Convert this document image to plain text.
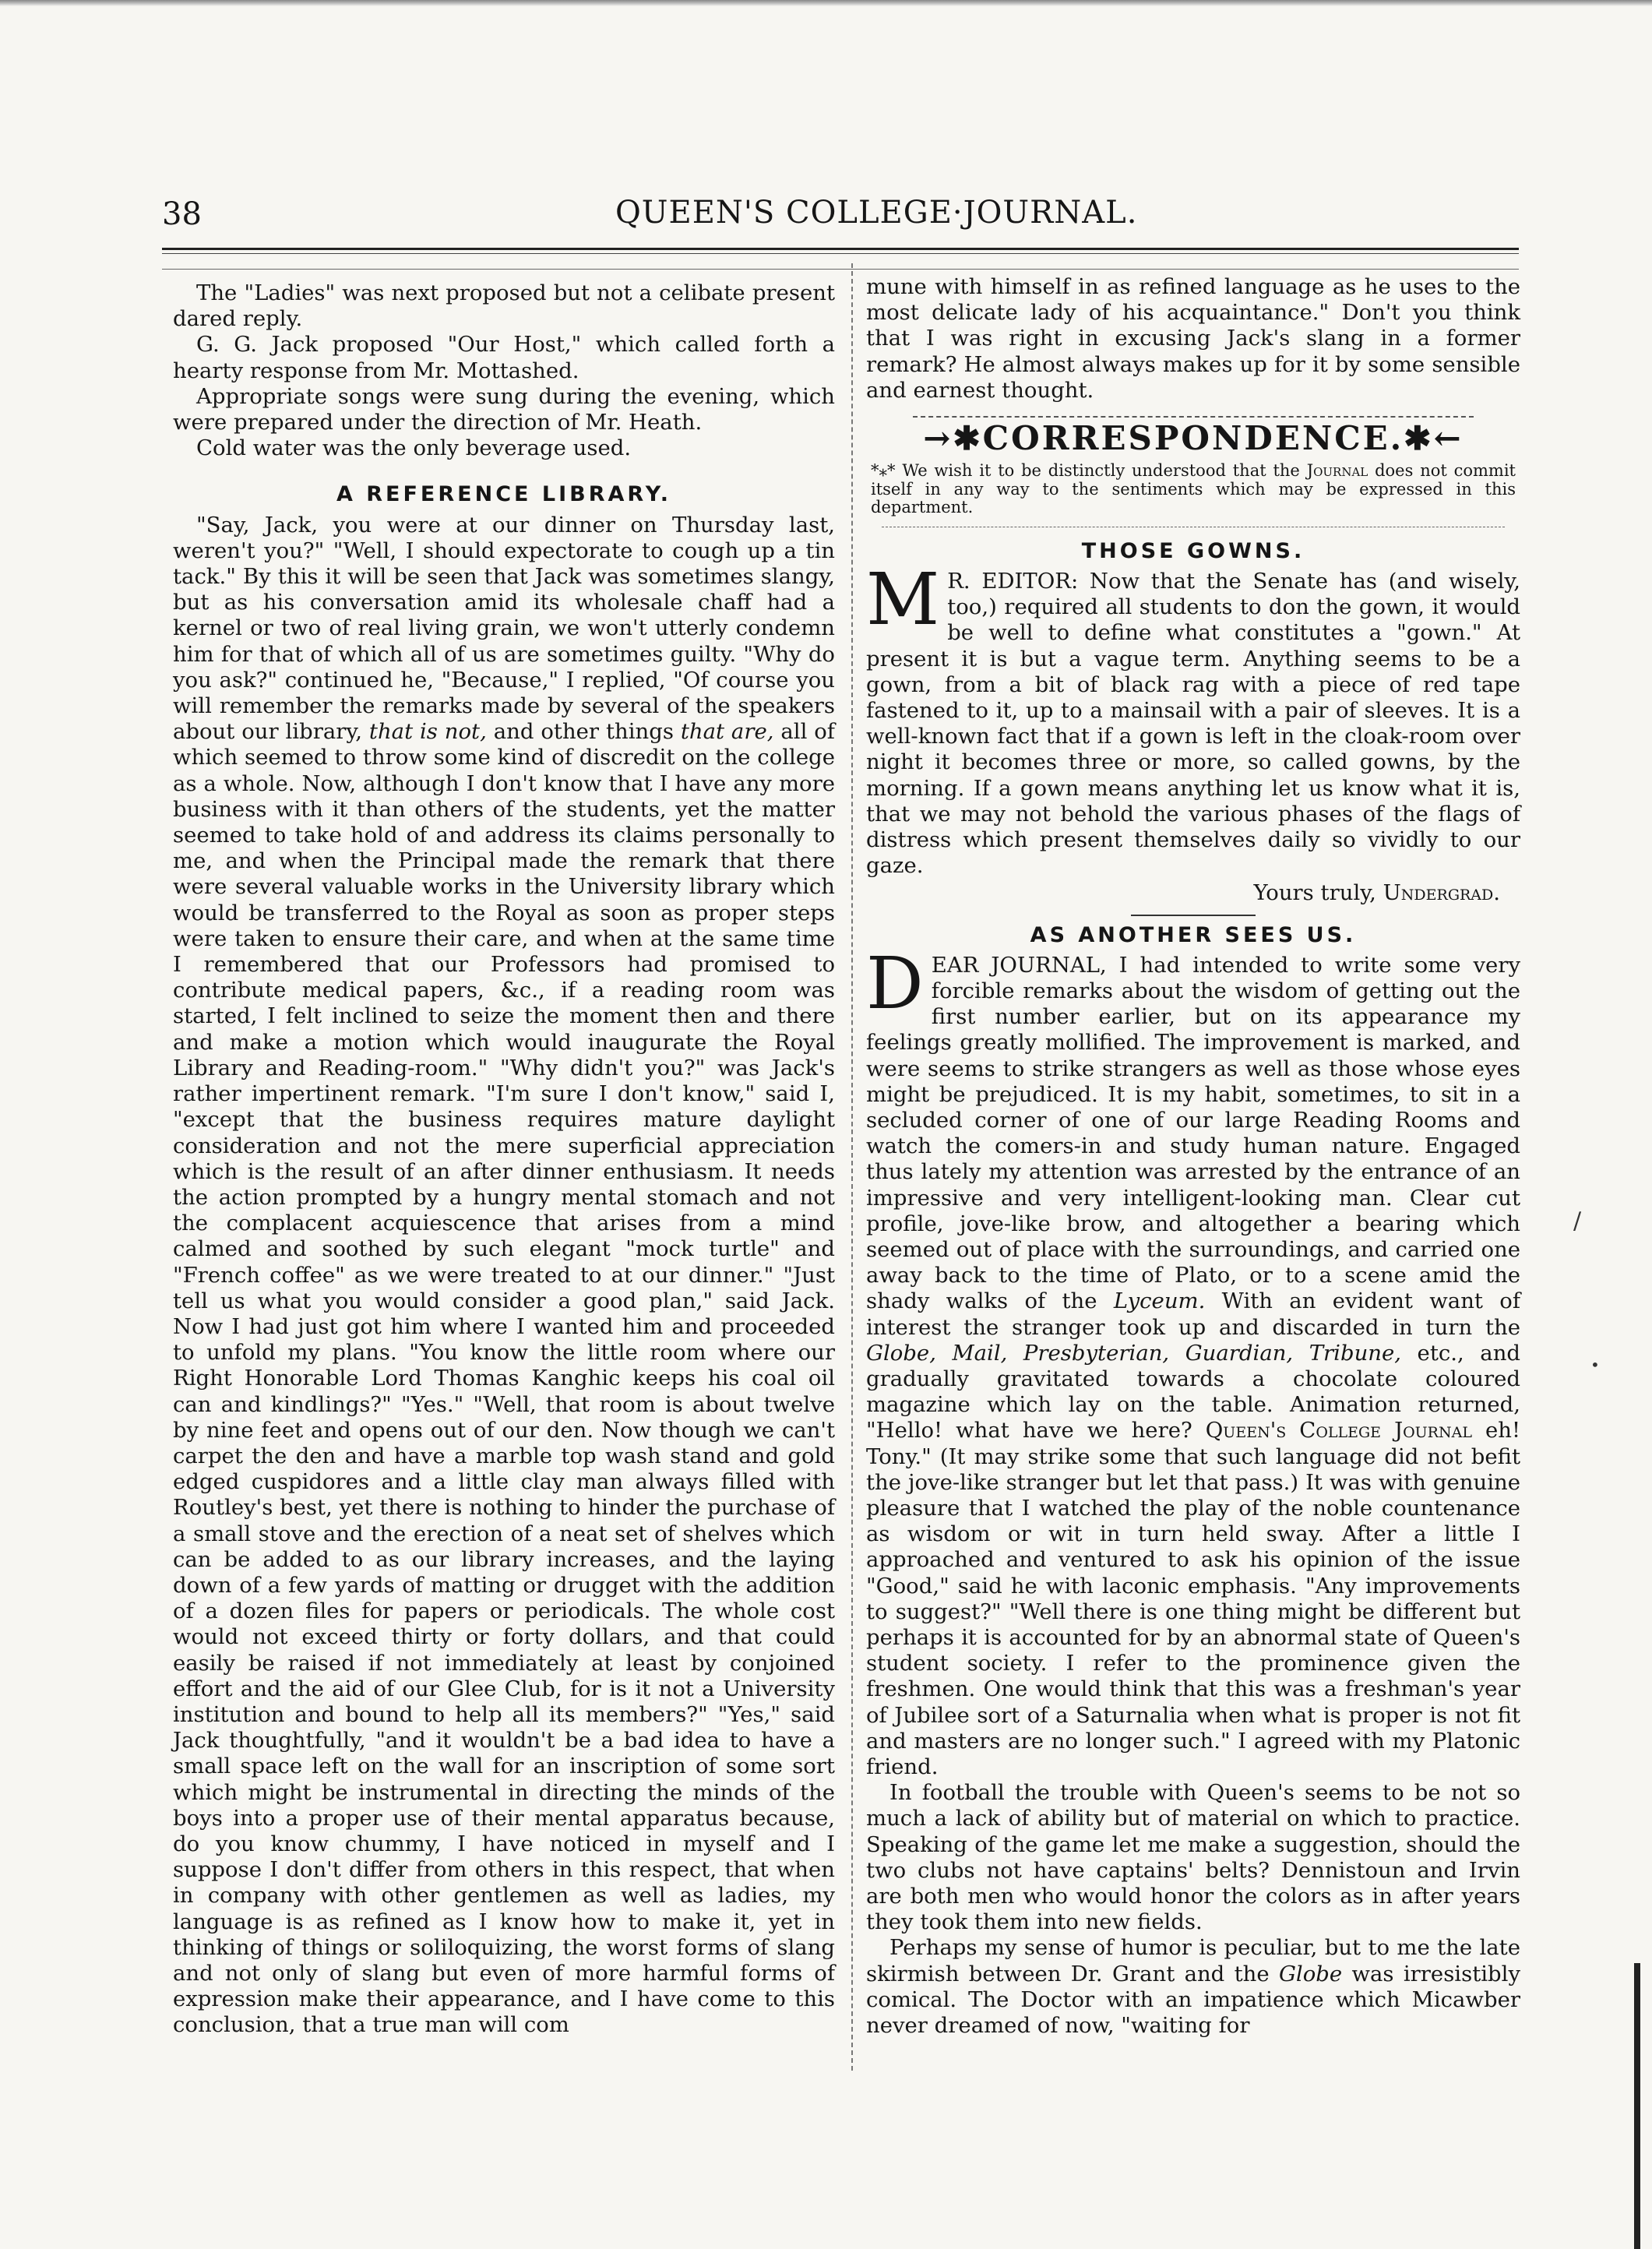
38	QUEEN'S COLLEGE·JOURNAL.

The "Ladies" was next proposed but not a celibate present dared reply.

G. G. Jack proposed "Our Host," which called forth a hearty response from Mr. Mottashed.

Appropriate songs were sung during the evening, which were prepared under the direction of Mr. Heath.

Cold water was the only beverage used.

A REFERENCE LIBRARY.

"Say, Jack, you were at our dinner on Thursday last, weren't you?" "Well, I should expectorate to cough up a tin tack." By this it will be seen that Jack was sometimes slangy, but as his conversation amid its wholesale chaff had a kernel or two of real living grain, we won't utterly condemn him for that of which all of us are sometimes guilty. "Why do you ask?" continued he, "Because," I replied, "Of course you will remember the remarks made by several of the speakers about our library, that is not, and other things that are, all of which seemed to throw some kind of discredit on the college as a whole. Now, although I don't know that I have any more business with it than others of the students, yet the matter seemed to take hold of and address its claims personally to me, and when the Principal made the remark that there were several valuable works in the University library which would be transferred to the Royal as soon as proper steps were taken to ensure their care, and when at the same time I remembered that our Professors had promised to contribute medical papers, &c., if a reading room was started, I felt inclined to seize the moment then and there and make a motion which would inaugurate the Royal Library and Reading-room." "Why didn't you?" was Jack's rather impertinent remark. "I'm sure I don't know," said I, "except that the business requires mature daylight consideration and not the mere superficial appreciation which is the result of an after dinner enthusiasm. It needs the action prompted by a hungry mental stomach and not the complacent acquiescence that arises from a mind calmed and soothed by such elegant "mock turtle" and "French coffee" as we were treated to at our dinner." "Just tell us what you would consider a good plan," said Jack. Now I had just got him where I wanted him and proceeded to unfold my plans. "You know the little room where our Right Honorable Lord Thomas Kanghic keeps his coal oil can and kindlings?" "Yes." "Well, that room is about twelve by nine feet and opens out of our den. Now though we can't carpet the den and have a marble top wash stand and gold edged cuspidores and a little clay man always filled with Routley's best, yet there is nothing to hinder the purchase of a small stove and the erection of a neat set of shelves which can be added to as our library increases, and the laying down of a few yards of matting or drugget with the addition of a dozen files for papers or periodicals. The whole cost would not exceed thirty or forty dollars, and that could easily be raised if not immediately at least by conjoined effort and the aid of our Glee Club, for is it not a University institution and bound to help all its members?" "Yes," said Jack thoughtfully, "and it wouldn't be a bad idea to have a small space left on the wall for an inscription of some sort which might be instrumental in directing the minds of the boys into a proper use of their mental apparatus because, do you know chummy, I have noticed in myself and I suppose I don't differ from others in this respect, that when in company with other gentlemen as well as ladies, my language is as refined as I know how to make it, yet in thinking of things or soliloquizing, the worst forms of slang and not only of slang but even of more harmful forms of expression make their appearance, and I have come to this conclusion, that a true man will com

mune with himself in as refined language as he uses to the most delicate lady of his acquaintance." Don't you think that I was right in excusing Jack's slang in a former remark? He almost always makes up for it by some sensible and earnest thought.

→✱CORRESPONDENCE.✱←
*⁎* We wish it to be distinctly understood that the Journal does not commit itself in any way to the sentiments which may be expressed in this department.
THOSE GOWNS.

M R. EDITOR: Now that the Senate has (and wisely, too,) required all students to don the gown, it would be well to define what constitutes a "gown." At present it is but a vague term. Anything seems to be a gown, from a bit of black rag with a piece of red tape fastened to it, up to a mainsail with a pair of sleeves. It is a well-known fact that if a gown is left in the cloak-room over night it becomes three or more, so called gowns, by the morning. If a gown means anything let us know what it is, that we may not behold the various phases of the flags of distress which present themselves daily so vividly to our gaze.

Yours truly, Undergrad.
AS ANOTHER SEES US.

DEAR JOURNAL, I had intended to write some very forcible remarks about the wisdom of getting out the first number earlier, but on its appearance my feelings greatly mollified. The improvement is marked, and were seems to strike strangers as well as those whose eyes might be prejudiced. It is my habit, sometimes, to sit in a secluded corner of one of our large Reading Rooms and watch the comers-in and study human nature. Engaged thus lately my attention was arrested by the entrance of an impressive and very intelligent-looking man. Clear cut profile, jove-like brow, and altogether a bearing which seemed out of place with the surroundings, and carried one away back to the time of Plato, or to a scene amid the shady walks of the Lyceum. With an evident want of interest the stranger took up and discarded in turn the Globe, Mail, Presbyterian, Guardian, Tribune, etc., and gradually gravitated towards a chocolate coloured magazine which lay on the table. Animation returned, "Hello! what have we here? Queen's College Journal eh! Tony." (It may strike some that such language did not befit the jove-like stranger but let that pass.) It was with genuine pleasure that I watched the play of the noble countenance as wisdom or wit in turn held sway. After a little I approached and ventured to ask his opinion of the issue "Good," said he with laconic emphasis. "Any improvements to suggest?" "Well there is one thing might be different but perhaps it is accounted for by an abnormal state of Queen's student society. I refer to the prominence given the freshmen. One would think that this was a freshman's year of Jubilee sort of a Saturnalia when what is proper is not fit and masters are no longer such." I agreed with my Platonic friend.

In football the trouble with Queen's seems to be not so much a lack of ability but of material on which to practice. Speaking of the game let me make a suggestion, should the two clubs not have captains' belts? Dennistoun and Irvin are both men who would honor the colors as in after years they took them into new fields.

Perhaps my sense of humor is peculiar, but to me the late skirmish between Dr. Grant and the Globe was irresistibly comical. The Doctor with an impatience which Micawber never dreamed of now, "waiting for

/
•
